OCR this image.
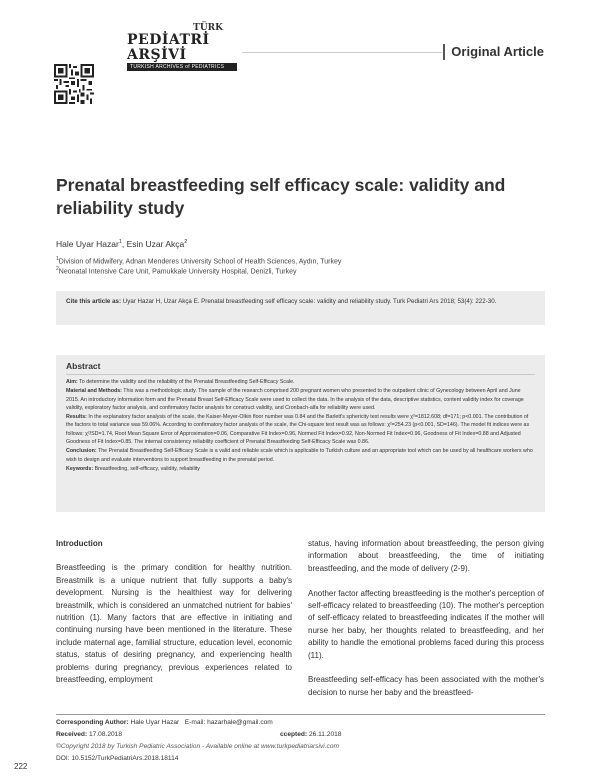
TÜRK
PEDİATRİ ARŞİVİ
TURKISH ARCHIVES of PEDIATRICS
Original Article
Prenatal breastfeeding self efficacy scale: validity and reliability study
Hale Uyar Hazar$^1$, Esin Uzar Akça$^2$
$^1$Division of Midwifery, Adnan Menderes University School of Health Sciences, Aydın, Turkey
$^2$Neonatal Intensive Care Unit, Pamukkale University Hospital, Denizli, Turkey
Cite this article as: Uyar Hazar H, Uzar Akça E. Prenatal breastfeeding self efficacy scale: validity and reliability study. Turk Pediatri Ars 2018; 53(4): 222-30.
Abstract

Aim: To determine the validity and the reliability of the Prenatal Breastfeeding Self-Efficacy Scale.

Material and Methods: This was a methodologic study. The sample of the research comprised 200 pregnant women who presented to the outpatient clinic of Gynecology between April and June 2015. An introductory information form and the Prenatal Breast Self-Efficacy Scale were used to collect the data. In the analysis of the data, descriptive statistics, content validity index for coverage validity, exploratory factor analysis, and confirmatory factor analysis for construct validity, and Cronbach-alfa for reliability were used.

Results: In the explanatory factor analysis of the scale, the Kaiser-Meyer-Olkin floor number was 0.84 and the Barlett's sphericity test results were χ²=1812.608; df=171; p<0.001. The contribution of the factors to total variance was 59.06%. According to confirmatory factor analysis of the scale, the Chi-square test result was as follows: χ²=254.23 (p<0.001, SD=146). The model fit indices were as follows: χ²/SD=1.74, Root Mean Square Error of Approximation=0.06, Comparative Fit Index=0.96, Normed Fit Index=0.92, Non-Normed Fit Index=0.96, Goodness of Fit Index=0.88 and Adjusted Goodness of Fit Index=0.85. The internal consistency reliability coefficient of Prenatal Breastfeeding Self-Efficacy Scale was 0.86.

Conclusion: The Prenatal Breastfeeding Self-Efficacy Scale is a valid and reliable scale which is applicable to Turkish culture and an appropriate tool which can be used by all healthcare workers who wish to design and evaluate interventions to support breastfeeding in the prenatal period.

Keywords: Breastfeeding, self-efficacy, validity, reliability

Introduction

Breastfeeding is the primary condition for healthy nutrition. Breastmilk is a unique nutrient that fully supports a baby's development. Nursing is the healthiest way for delivering breastmilk, which is considered an unmatched nutrient for babies' nutrition (1). Many factors that are effective in initiating and continuing nursing have been mentioned in the literature. These include maternal age, familial structure, education level, economic status, status of desiring pregnancy, and experiencing health problems during pregnancy, previous experiences related to breastfeeding, employment

status, having information about breastfeeding, the person giving information about breastfeeding, the time of initiating breastfeeding, and the mode of delivery (2-9).

Another factor affecting breastfeeding is the mother's perception of self-efficacy related to breastfeeding (10). The mother's perception of self-efficacy related to breastfeeding indicates if the mother will nurse her baby, her thoughts related to breastfeeding, and her ability to handle the emotional problems faced during this process (11).

Breastfeeding self-efficacy has been associated with the mother's decision to nurse her baby and the breastfeed-

Corresponding Author: Hale Uyar Hazar E-mail: hazarhale@gmail.com
Received: 17.08.2018	ccepted: 26.11.2018
©Copyright 2018 by Turkish Pediatric Association - Available online at www.turkpediatriarsivi.com
DOI: 10.5152/TurkPediatriArs.2018.18114
222
